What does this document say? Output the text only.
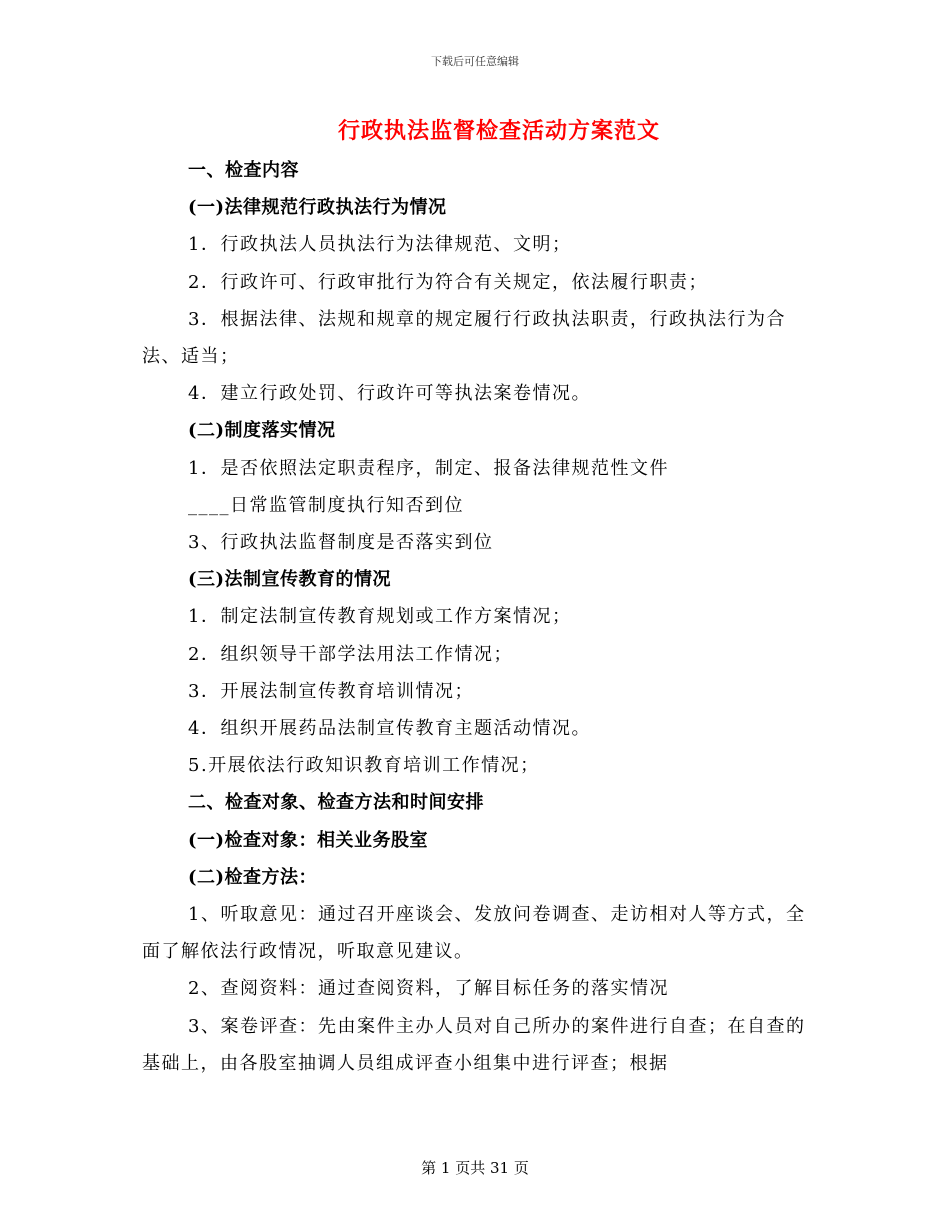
下载后可任意编辑
行政执法监督检查活动方案范文

一、检查内容

(一)法律规范行政执法行为情况

1．行政执法人员执法行为法律规范、文明；

2．行政许可、行政审批行为符合有关规定，依法履行职责；

3．根据法律、法规和规章的规定履行行政执法职责，行政执法行为合法、适当；

4．建立行政处罚、行政许可等执法案卷情况。

(二)制度落实情况

1．是否依照法定职责程序，制定、报备法律规范性文件

____日常监管制度执行知否到位

3、行政执法监督制度是否落实到位

(三)法制宣传教育的情况

1．制定法制宣传教育规划或工作方案情况；

2．组织领导干部学法用法工作情况；

3．开展法制宣传教育培训情况；

4．组织开展药品法制宣传教育主题活动情况。

5.开展依法行政知识教育培训工作情况；

二、检查对象、检查方法和时间安排

(一)检查对象：相关业务股室

(二)检查方法：

1、听取意见：通过召开座谈会、发放问卷调查、走访相对人等方式，全面了解依法行政情况，听取意见建议。

2、查阅资料：通过查阅资料，了解目标任务的落实情况

3、案卷评查：先由案件主办人员对自己所办的案件进行自查；在自查的基础上，由各股室抽调人员组成评查小组集中进行评查；根据

第 1 页共 31 页
